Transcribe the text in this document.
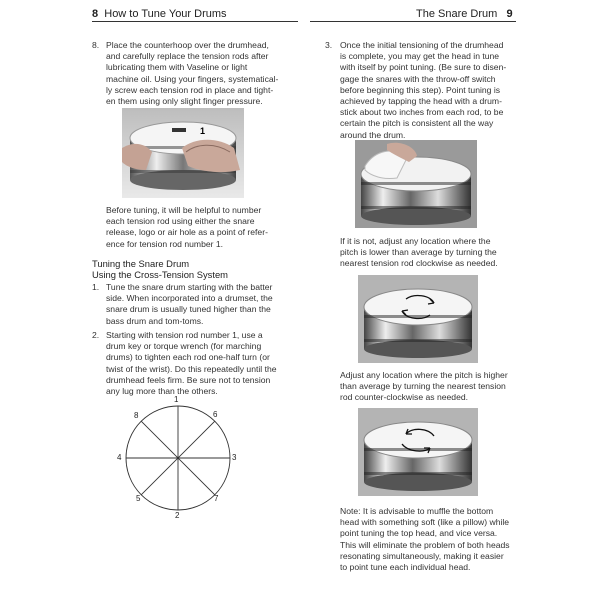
8 How to Tune Your Drums	The Snare Drum 9
8. Place the counterhoop over the drumhead,
and carefully replace the tension rods after
lubricating them with Vaseline or light
machine oil. Using your fingers, systematical-
ly screw each tension rod in place and tight-
en them using only slight finger pressure.
1
Before tuning, it will be helpful to number
each tension rod using either the snare
release, logo or air hole as a point of refer-
ence for tension rod number 1.
Tuning the Snare Drum
Using the Cross-Tension System
1. Tune the snare drum starting with the batter
side. When incorporated into a drumset, the
snare drum is usually tuned higher than the
bass drum and tom-toms.
2. Starting with tension rod number 1, use a
drum key or torque wrench (for marching
drums) to tighten each rod one-half turn (or
twist of the wrist). Do this repeatedly until the
drumhead feels firm. Be sure not to tension
any lug more than the others.
1
6
3
7
2
5
4
8
3. Once the initial tensioning of the drumhead
is complete, you may get the head in tune
with itself by point tuning. (Be sure to disen-
gage the snares with the throw-off switch
before beginning this step). Point tuning is
achieved by tapping the head with a drum-
stick about two inches from each rod, to be
certain the pitch is consistent all the way
around the drum.
If it is not, adjust any location where the
pitch is lower than average by turning the
nearest tension rod clockwise as needed.
Adjust any location where the pitch is higher
than average by turning the nearest tension
rod counter-clockwise as needed.
Note: It is advisable to muffle the bottom
head with something soft (like a pillow) while
point tuning the top head, and vice versa.
This will eliminate the problem of both heads
resonating simultaneously, making it easier
to point tune each individual head.
